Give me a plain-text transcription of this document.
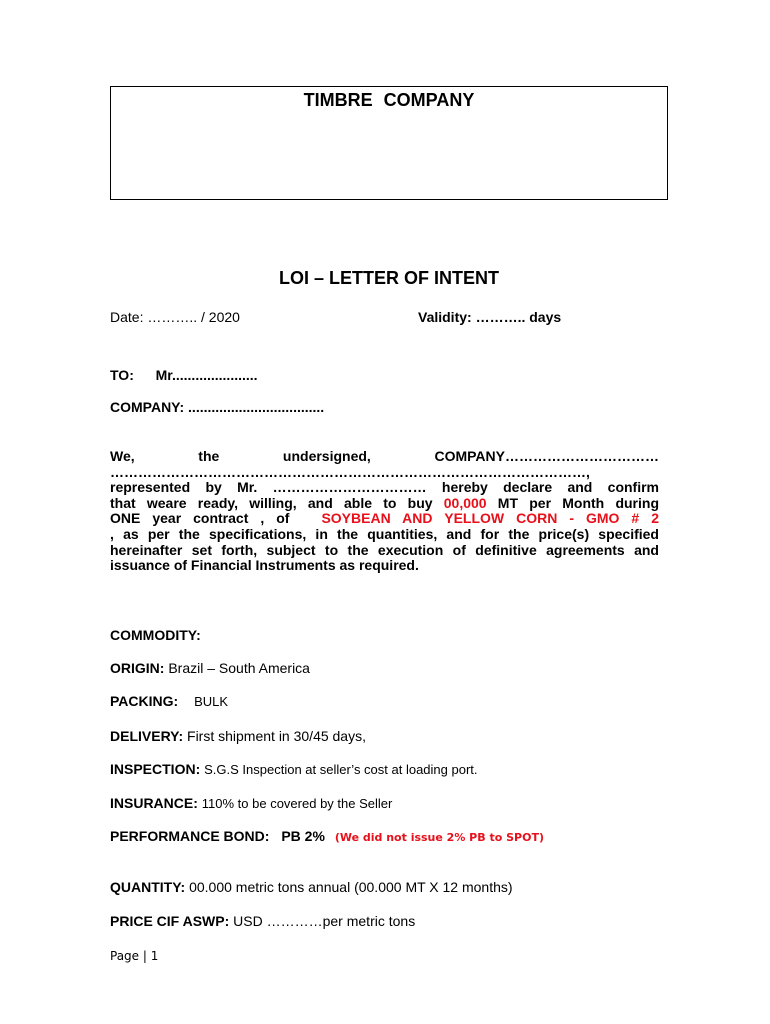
TIMBRE COMPANY
LOI – LETTER OF INTENT
Date: ……….. / 2020	Validity: ……….. days
TO: Mr......................
COMPANY: ...................................
We,	the	undersigned,	COMPANY……………………………
…………………………………………………………………………………………,
represented by Mr. …………………………… hereby declare and confirm
that weare ready, willing, and able to buy 00,000 MT per Month during
ONE year contract , of SOYBEAN AND YELLOW CORN - GMO # 2
, as per the specifications, in the quantities, and for the price(s) specified
hereinafter set forth, subject to the execution of definitive agreements and
issuance of Financial Instruments as required.
COMMODITY:
ORIGIN: Brazil – South America
PACKING: BULK
DELIVERY: First shipment in 30/45 days,
INSPECTION: S.G.S Inspection at seller’s cost at loading port.
INSURANCE: 110% to be covered by the Seller
PERFORMANCE BOND: PB 2% (We did not issue 2% PB to SPOT)
QUANTITY: 00.000 metric tons annual (00.000 MT X 12 months)
PRICE CIF ASWP: USD …………per metric tons
Page | 1
